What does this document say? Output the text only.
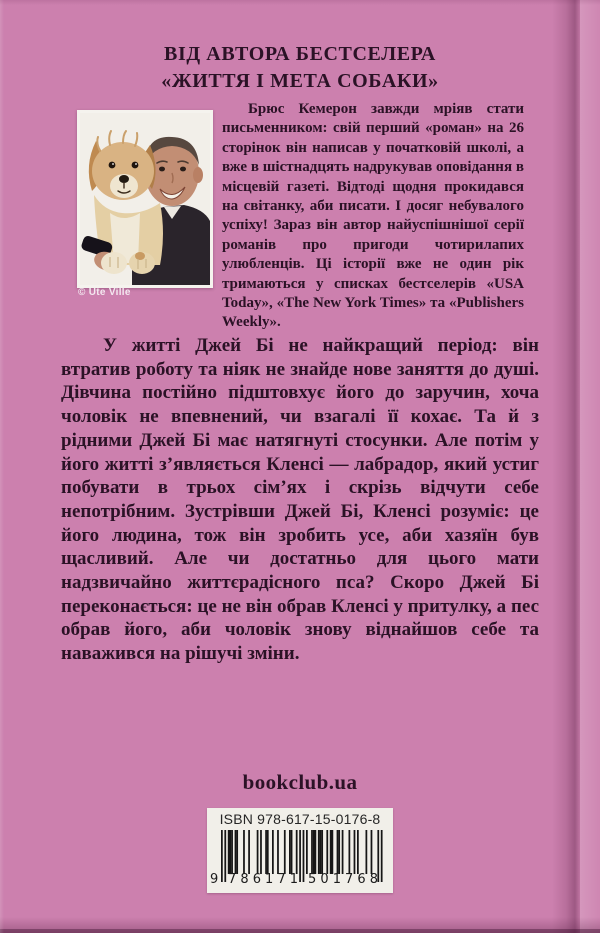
ВІД АВТОРА БЕСТСЕЛЕРА
«ЖИТТЯ І МЕТА СОБАКИ»
© Ute Ville
Брюс Кемерон завжди мріяв стати письменником: свій перший «роман» на 26 сторінок він написав у початковій школі, а вже в шістнадцять надрукував оповідання в місцевій газеті. Відтоді щодня прокидався на світанку, аби писати. І досяг небувалого успіху! Зараз він автор найуспішнішої серії романів про пригоди чотирилапих улюбленців. Ці історії вже не один рік тримаються у списках бестселерів «USA Today», «The New York Times» та «Publishers Weekly».
У житті Джей Бі не найкращий період: він втратив роботу та ніяк не знайде нове заняття до душі. Дівчина постійно підштовхує його до заручин, хоча чоловік не впевнений, чи взагалі її кохає. Та й з рідними Джей Бі має натягнуті стосунки. Але потім у його житті з’являється Кленсі — лабрадор, який устиг побувати в трьох сім’ях і скрізь відчути себе непотрібним. Зустрівши Джей Бі, Кленсі розуміє: це його людина, тож він зробить усе, аби хазяїн був щасливий. Але чи достатньо для цього мати надзвичайно життєрадісного пса? Скоро Джей Бі переконається: це не він обрав Кленсі у притулку, а пес обрав його, аби чоловік знову віднайшов себе та наважився на рішучі зміни.
bookclub.ua
ISBN 978-617-15-0176-8
9 7 8 6 1 7 1 5 0 1 7 6 8
